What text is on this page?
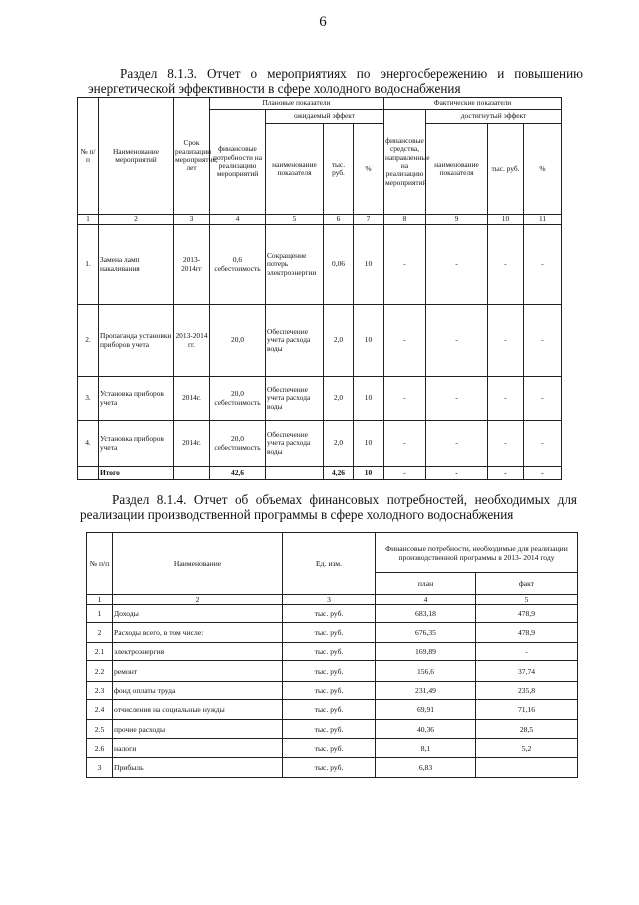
6
Раздел 8.1.3. Отчет о мероприятиях по энергосбережению и повышению
энергетической эффективности в сфере холодного водоснабжения
№ п/п	Наименование мероприятий	Срок реализации мероприятия, лет	Плановые показатели				Фактические показатели			
			финансовые потребности на реализацию мероприятий	ожидаемый эффект			финансовые средства, направленные на реализацию мероприятий	достигнутый эффект		
				наименование показателя	тыс. руб.	%		наименование показателя	тыс. руб.	%
1	2	3	4	5	6	7	8	9	10	11
1.	Замена ламп накаливания	2013-2014гг	0,6 себестоимость	Сокращение потерь электроэнергии	0,06	10	-	-	-	-
2.	Пропаганда установки приборов учета	2013-2014 гг.	20,0	Обеспечение учета расхода воды	2,0	10	-	-	-	-
3.	Установка приборов учета	2014г.	20,0 себестоимость	Обеспечение учета расхода воды	2,0	10	-	-	-	-
4.	Установка приборов учета	2014г.	20,0 себестоимость	Обеспечение учета расхода воды	2,0	10	-	-	-	-
	Итого		42,6		4,26	10	-	-	-	-
Раздел 8.1.4. Отчет об объемах финансовых потребностей, необходимых для
реализации производственной программы в сфере холодного водоснабжения
№ п/п	Наименование	Ед. изм.	Финансовые потребности, необходимые для реализации производственной программы в 2013- 2014 году	
			план	факт
1	2	3	4	5
1	Доходы	тыс. руб.	683,18	478,9
2	Расходы всего, в том числе:	тыс. руб.	676,35	478,9
2.1	электроэнергия	тыс. руб.	169,89	-
2.2	ремонт	тыс. руб.	156,6	37,74
2.3	фонд оплаты труда	тыс. руб.	231,49	235,8
2.4	отчисления на социальные нужды	тыс. руб.	69,91	71,16
2.5	прочие расходы	тыс. руб.	40,36	28,5
2.6	налоги	тыс. руб.	8,1	5,2
3	Прибыль	тыс. руб.	6,83	
